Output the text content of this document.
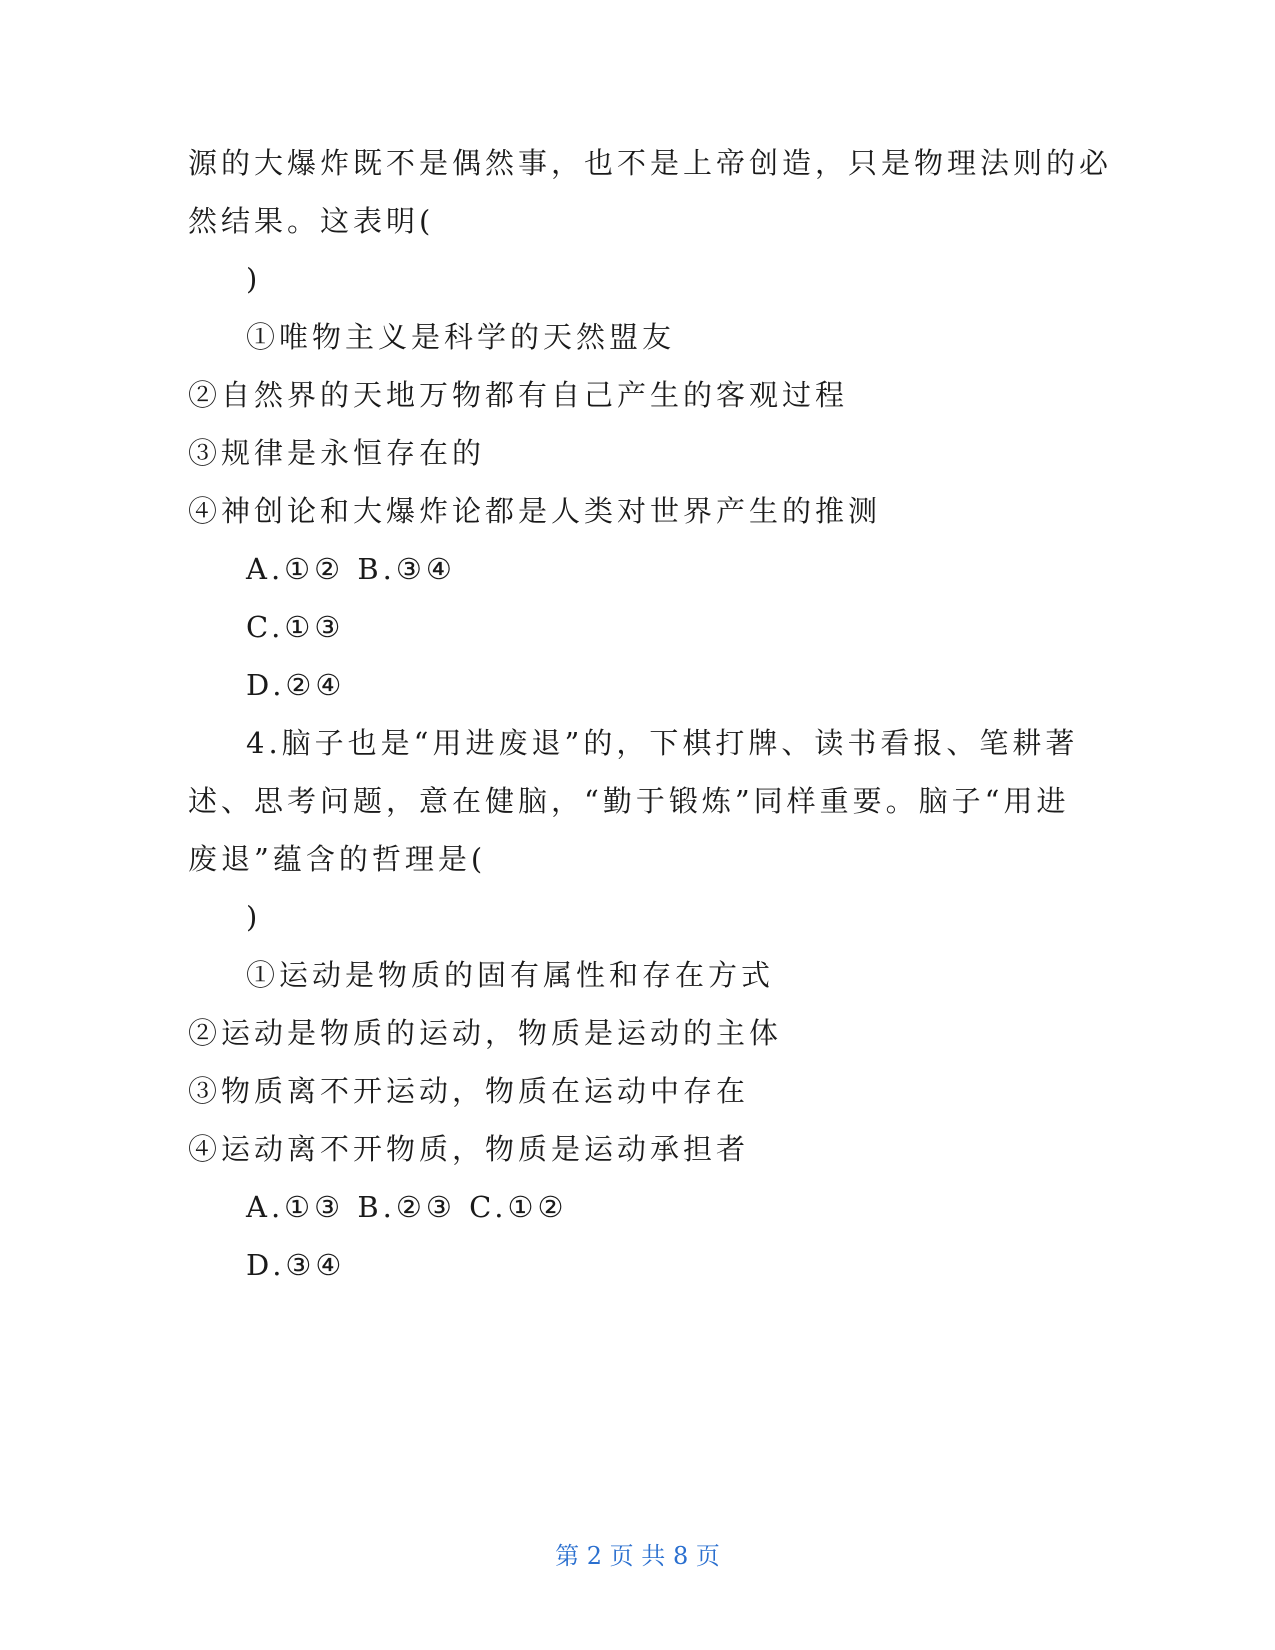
源的大爆炸既不是偶然事，也不是上帝创造，只是物理法则的必
然结果。这表明(
)
①唯物主义是科学的天然盟友
②自然界的天地万物都有自己产生的客观过程
③规律是永恒存在的
④神创论和大爆炸论都是人类对世界产生的推测
A.①② B.③④
C.①③
D.②④
4.脑子也是“用进废退”的，下棋打牌、读书看报、笔耕著
述、思考问题，意在健脑，“勤于锻炼”同样重要。脑子“用进
废退”蕴含的哲理是(
)
①运动是物质的固有属性和存在方式
②运动是物质的运动，物质是运动的主体
③物质离不开运动，物质在运动中存在
④运动离不开物质，物质是运动承担者
A.①③ B.②③ C.①②
D.③④
第 2 页 共 8 页
